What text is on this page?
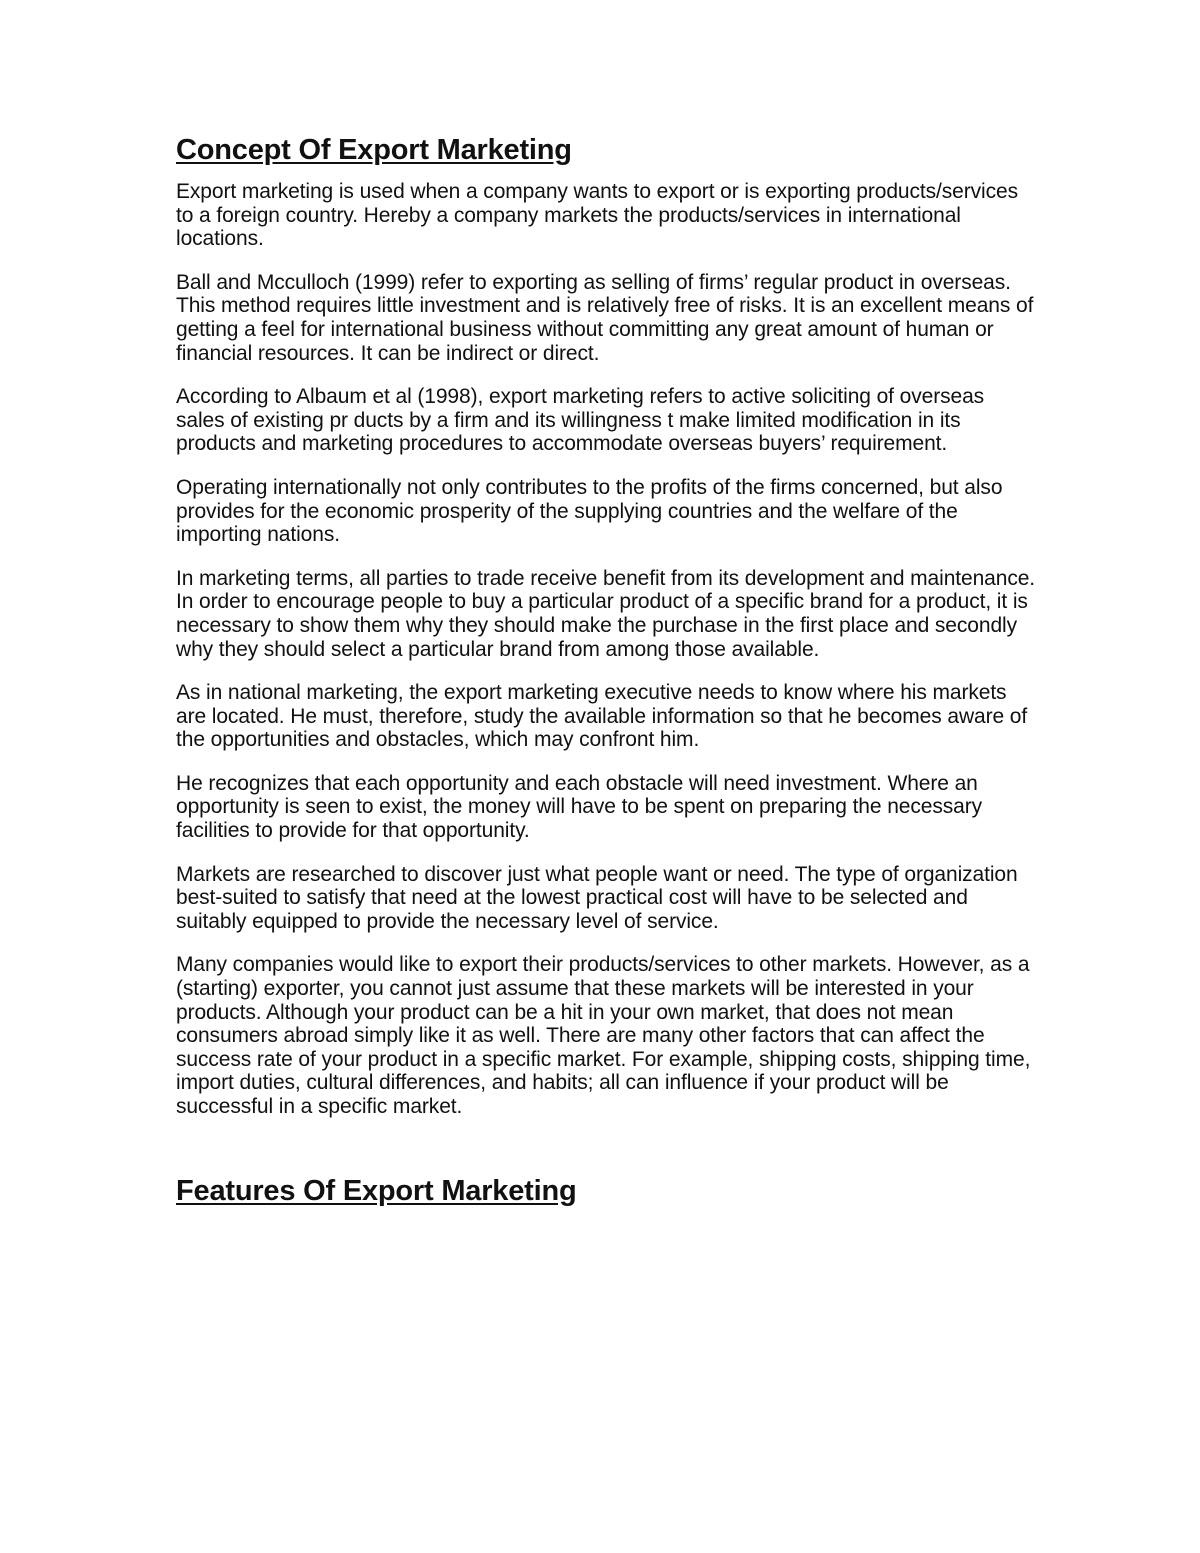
Concept Of Export Marketing

Export marketing is used when a company wants to export or is exporting products/services to a foreign country. Hereby a company markets the products/services in international locations.

Ball and Mcculloch (1999) refer to exporting as selling of firms’ regular product in overseas. This method requires little investment and is relatively free of risks. It is an excellent means of getting a feel for international business without committing any great amount of human or financial resources. It can be indirect or direct.

According to Albaum et al (1998), export marketing refers to active soliciting of overseas sales of existing pr ducts by a firm and its willingness t make limited modification in its products and marketing procedures to accommodate overseas buyers’ requirement.

Operating internationally not only contributes to the profits of the firms concerned, but also provides for the economic prosperity of the supplying countries and the welfare of the importing nations.

In marketing terms, all parties to trade receive benefit from its development and maintenance. In order to encourage people to buy a particular product of a specific brand for a product, it is necessary to show them why they should make the purchase in the first place and secondly why they should select a particular brand from among those available.

As in national marketing, the export marketing executive needs to know where his markets are located. He must, therefore, study the available information so that he becomes aware of the opportunities and obstacles, which may confront him.

He recognizes that each opportunity and each obstacle will need investment. Where an opportunity is seen to exist, the money will have to be spent on preparing the necessary facilities to provide for that opportunity.

Markets are researched to discover just what people want or need. The type of organization best-suited to satisfy that need at the lowest practical cost will have to be selected and suitably equipped to provide the necessary level of service.

Many companies would like to export their products/services to other markets. However, as a (starting) exporter, you cannot just assume that these markets will be interested in your products. Although your product can be a hit in your own market, that does not mean consumers abroad simply like it as well. There are many other factors that can affect the success rate of your product in a specific market. For example, shipping costs, shipping time, import duties, cultural differences, and habits; all can influence if your product will be successful in a specific market.

Features Of Export Marketing
